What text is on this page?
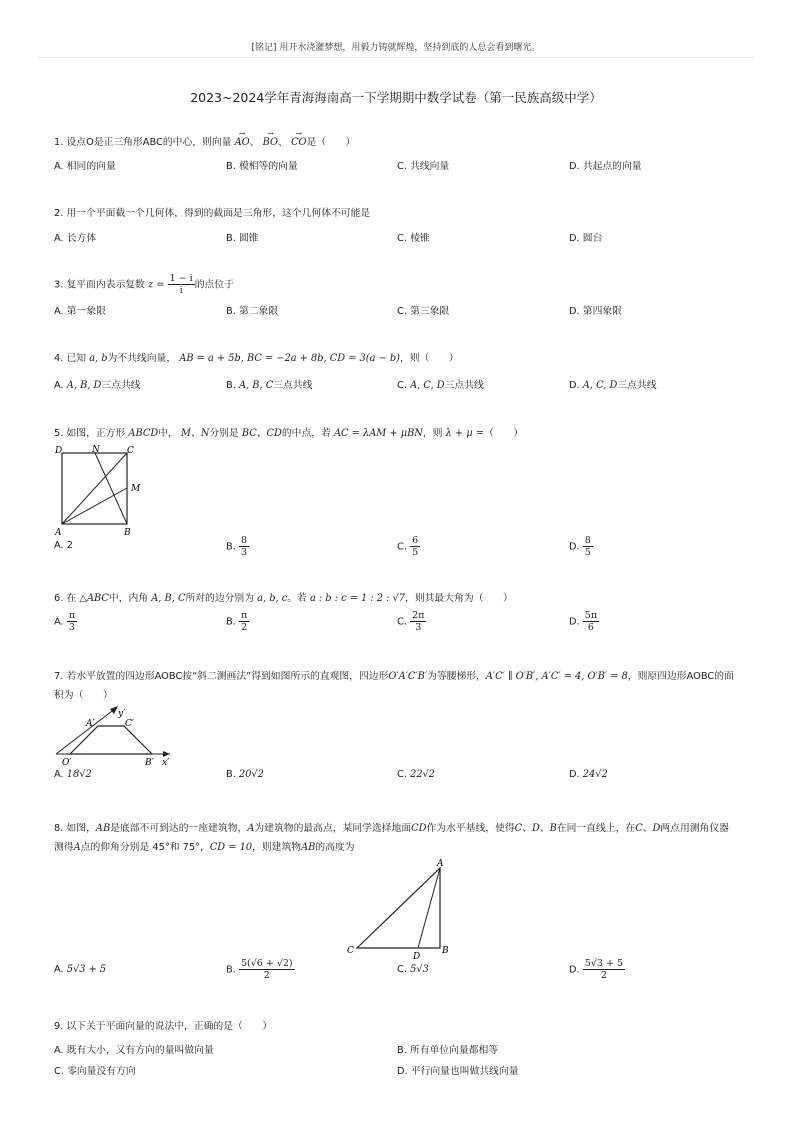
[铭记] 用开水浇灌梦想，用毅力铸就辉煌，坚持到底的人总会看到曙光。
2023~2024学年青海海南高一下学期期中数学试卷（第一民族高级中学）
1. 设点O是正三角形ABC的中心，则向量 → AO、 → BO、 → CO是（　　）
A. 相同的向量	B. 模相等的向量	C. 共线向量	D. 共起点的向量
2. 用一个平面截一个几何体，得到的截面是三角形，这个几何体不可能是
A. 长方体	B. 圆锥	C. 棱锥	D. 圆台
3. 复平面内表示复数 $z = \frac{1 - i}{i}$ 的点位于
A. 第一象限	B. 第二象限	C. 第三象限	D. 第四象限
4. 已知 a, b为不共线向量， AB = a + 5b, BC = −2a + 8b, CD = 3(a − b)，则（　　）
A. A, B, D三点共线	B. A, B, C三点共线	C. A, C, D三点共线	D. A, C, D三点共线
5. 如图，正方形 ABCD中， M、N分别是 BC、CD的中点，若 AC = λAM + μBN，则 λ + μ =（　　）
D	N	C
M
A	B
A. 2	B. $\frac{8}{3}$	C. $\frac{6}{5}$	D. $\frac{8}{5}$
6. 在 △ABC中，内角 A, B, C所对的边分别为 a, b, c。若 a : b : c = 1 : 2 : √7，则其最大角为（　　）
A. $\frac{\pi}{3}$	B. $\frac{\pi}{2}$	C. $\frac{2\pi}{3}$	D. $\frac{5\pi}{6}$
7. 若水平放置的四边形AOBC按“斜二测画法”得到如图所示的直观图，四边形O′A′C′B′为等腰梯形，A′C′ ∥ O′B′, A′C′ = 4, O′B′ = 8，则原四边形AOBC的面积为（　　）
y′
A′	C′
O′	B′ x′
A. 18√2	B. 20√2	C. 22√2	D. 24√2
8. 如图，AB是底部不可到达的一座建筑物，A为建筑物的最高点，某同学选择地面CD作为水平基线，使得C、D、B在同一直线上，在C、D两点用测角仪器测得A点的仰角分别是 45°和 75°，CD = 10，则建筑物AB的高度为
A
C
D
B
A. 5√3 + 5	B. $\frac{5(√6 + √2)}{2}$	C. 5√3	D. $\frac{5√3 + 5}{2}$
9. 以下关于平面向量的说法中，正确的是（　　）
A. 既有大小，又有方向的量叫做向量	B. 所有单位向量都相等
C. 零向量没有方向	D. 平行向量也叫做共线向量
